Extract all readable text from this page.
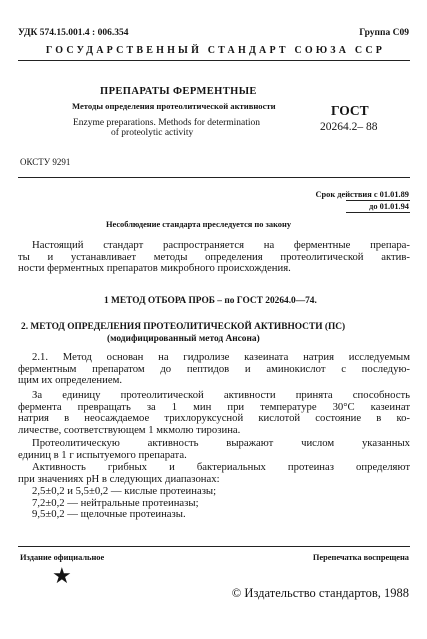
УДК 574.15.001.4 : 006.354	Группа С09
ГОСУДАРСТВЕННЫЙ СТАНДАРТ СОЮЗА ССР
ПРЕПАРАТЫ ФЕРМЕНТНЫЕ
Методы определения протеолитической активности
Enzyme preparations. Methods for determination
of proteolytic activity
ГОСТ
20264.2– 88
ОКСТУ 9291
Срок действия с 01.01.89
до 01.01.94
Несоблюдение стандарта преследуется по закону
Настоящий стандарт распространяется на ферментные препара-
ты и устанавливает методы определения протеолитической актив-
ности ферментных препаратов микробного происхождения.
1 МЕТОД ОТБОРА ПРОБ – по ГОСТ 20264.0—74.
2. МЕТОД ОПРЕДЕЛЕНИЯ ПРОТЕОЛИТИЧЕСКОЙ АКТИВНОСТИ (ПС)
(модифицированный метод Ансона)
2.1. Метод основан на гидролизе казеината натрия исследуемым
ферментным препаратом до пептидов и аминокислот с последую-
щим их определением.
За единицу протеолитической активности принята способность
фермента превращать за 1 мин при температуре 30°С казеинат
натрия в неосаждаемое трихлоруксусной кислотой состояние в ко-
личестве, соответствующем 1 мкмолю тирозина.
Протеолитическую активность выражают числом указанных
единиц в 1 г испытуемого препарата.
Активность грибных и бактериальных протеиназ определяют
при значениях рН в следующих диапазонах:
2,5±0,2 и 5,5±0,2 — кислые протеиназы;
7,2±0,2 — нейтральные протеиназы;
9,5±0,2 — щелочные протеиназы.
Издание официальное	Перепечатка воспрещена
★
© Издательство стандартов, 1988
